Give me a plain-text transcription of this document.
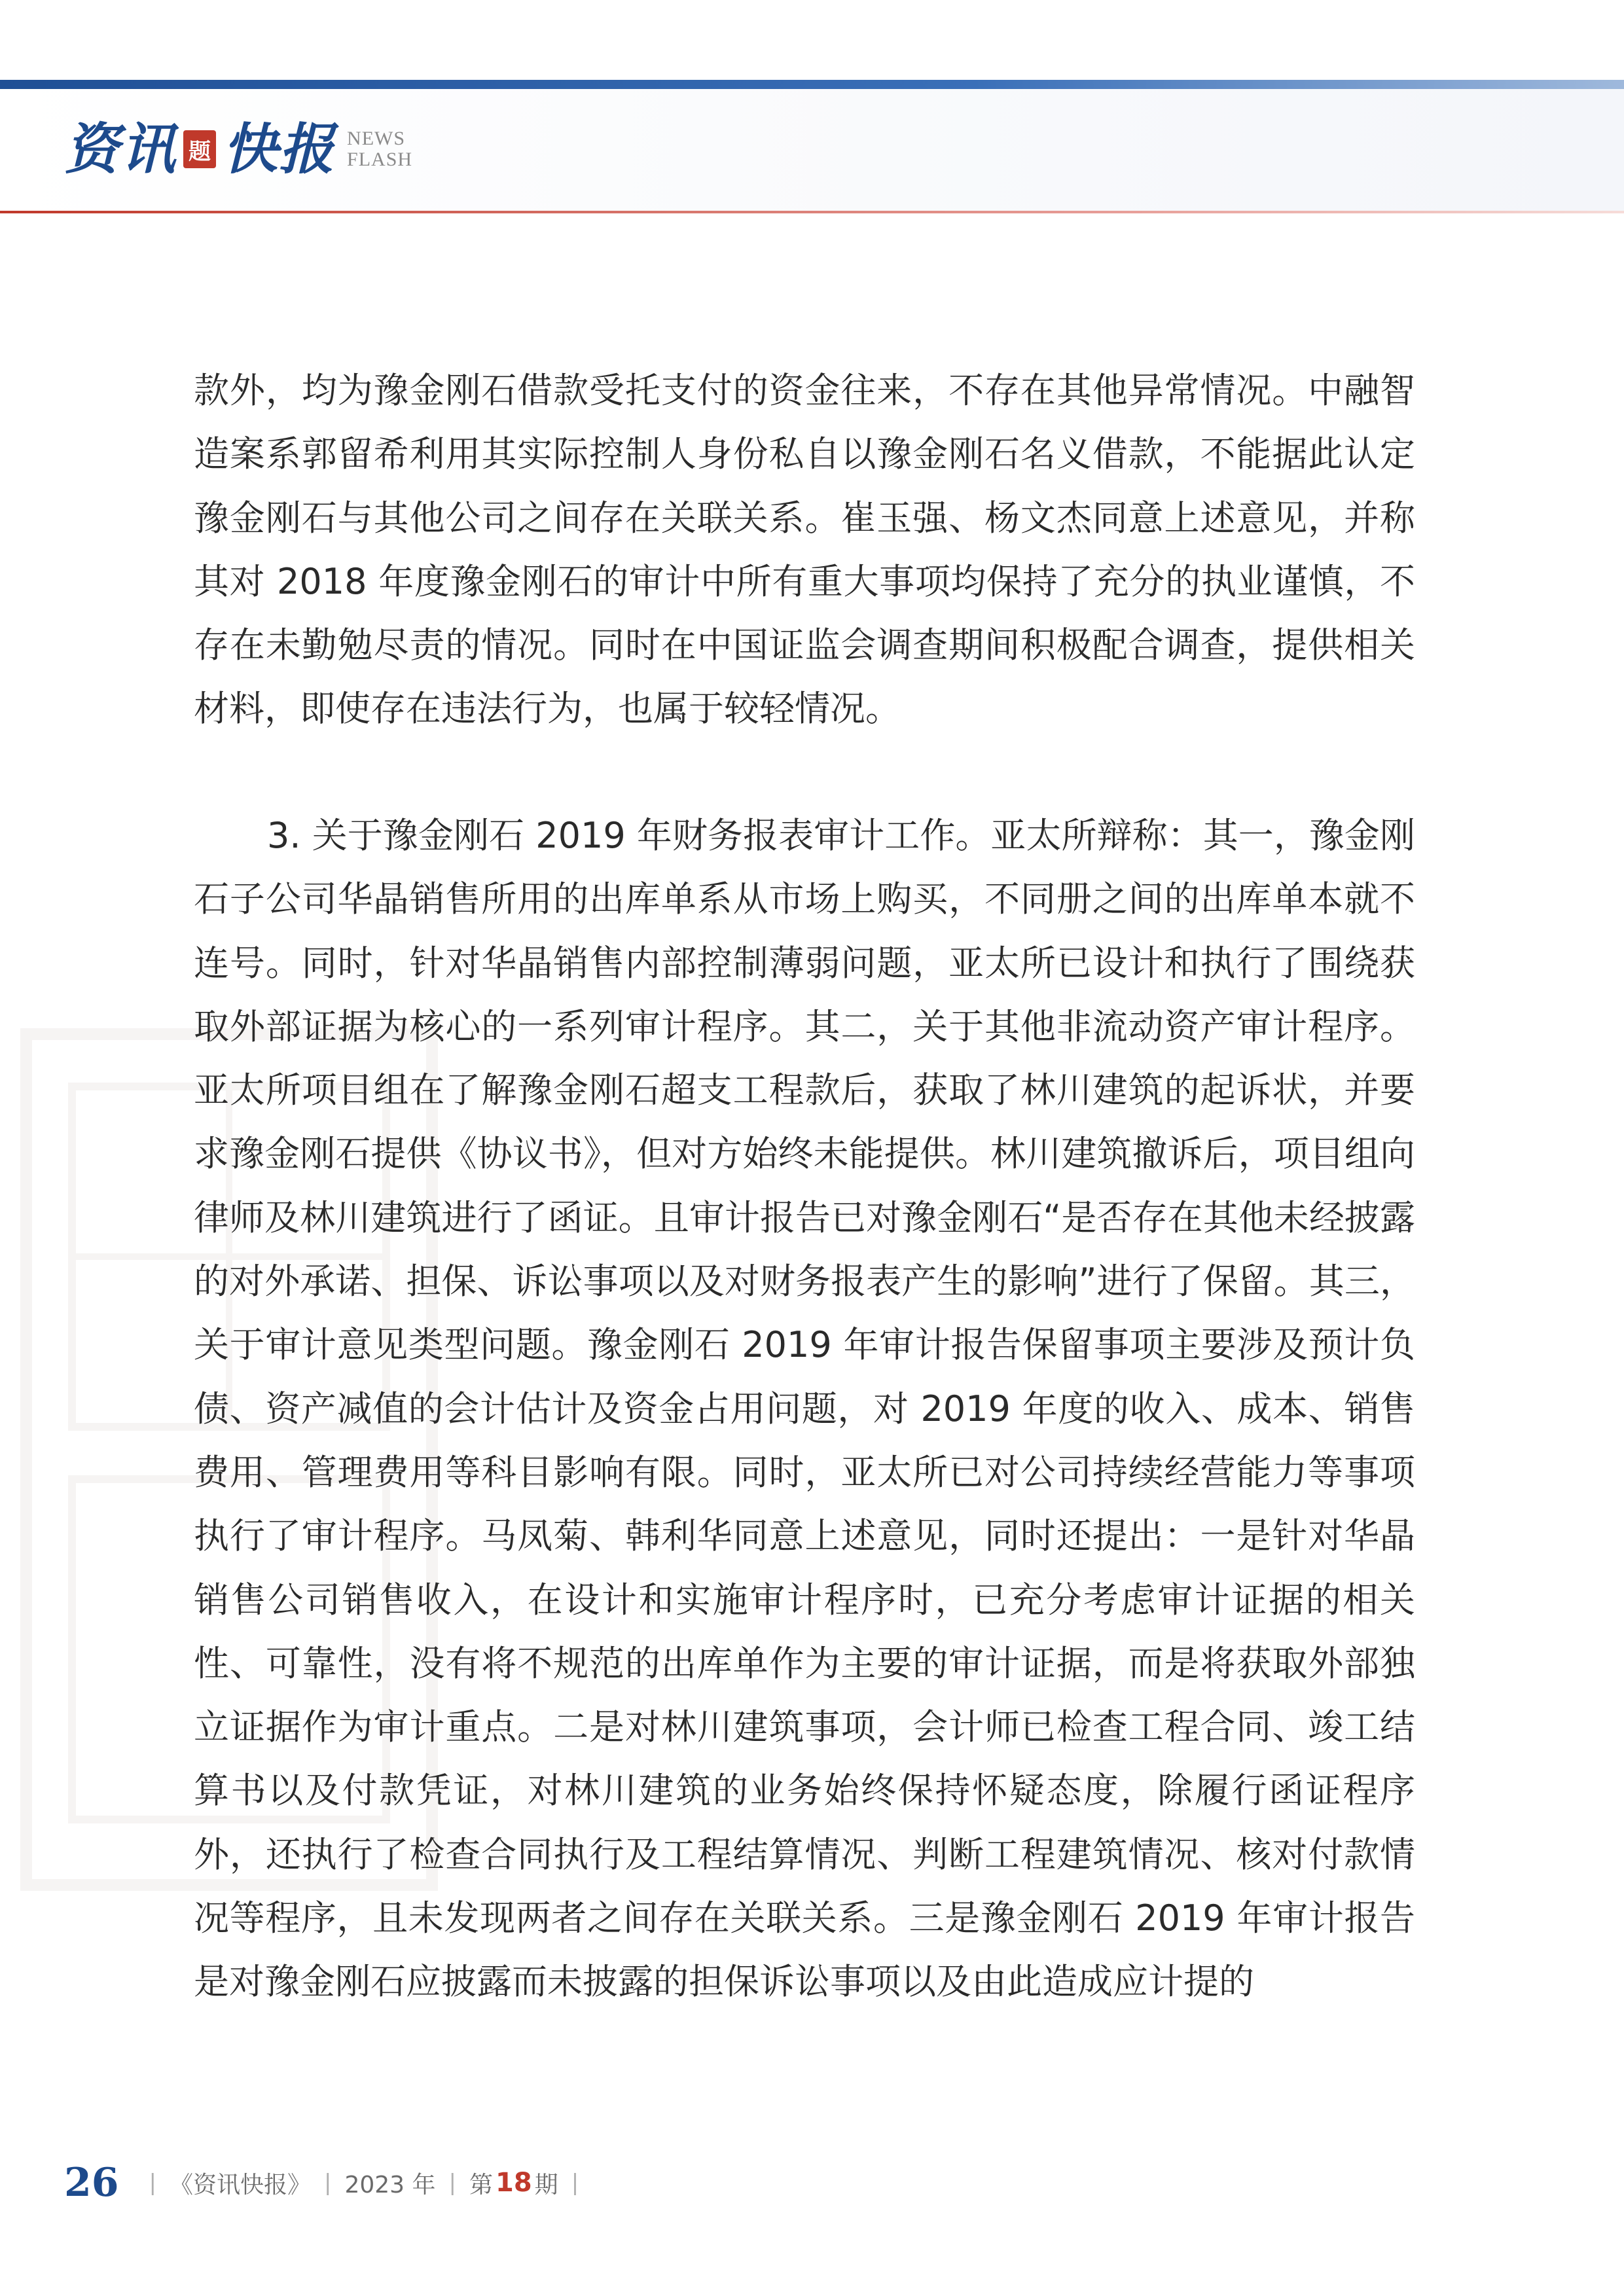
资讯 题 快报 NEWS
FLASH

款外，均为豫金刚石借款受托支付的资金往来，不存在其他异常情况。中融智造案系郭留希利用其实际控制人身份私自以豫金刚石名义借款，不能据此认定豫金刚石与其他公司之间存在关联关系。崔玉强、杨文杰同意上述意见，并称其对 2018 年度豫金刚石的审计中所有重大事项均保持了充分的执业谨慎，不存在未勤勉尽责的情况。同时在中国证监会调查期间积极配合调查，提供相关材料，即使存在违法行为，也属于较轻情况。

3. 关于豫金刚石 2019 年财务报表审计工作。亚太所辩称：其一，豫金刚石子公司华晶销售所用的出库单系从市场上购买，不同册之间的出库单本就不连号。同时，针对华晶销售内部控制薄弱问题，亚太所已设计和执行了围绕获取外部证据为核心的一系列审计程序。其二，关于其他非流动资产审计程序。亚太所项目组在了解豫金刚石超支工程款后，获取了林川建筑的起诉状，并要求豫金刚石提供《协议书》，但对方始终未能提供。林川建筑撤诉后，项目组向律师及林川建筑进行了函证。且审计报告已对豫金刚石“是否存在其他未经披露的对外承诺、担保、诉讼事项以及对财务报表产生的影响”进行了保留。其三，关于审计意见类型问题。豫金刚石 2019 年审计报告保留事项主要涉及预计负债、资产减值的会计估计及资金占用问题，对 2019 年度的收入、成本、销售费用、管理费用等科目影响有限。同时，亚太所已对公司持续经营能力等事项执行了审计程序。马凤菊、韩利华同意上述意见，同时还提出：一是针对华晶销售公司销售收入，在设计和实施审计程序时，已充分考虑审计证据的相关性、可靠性，没有将不规范的出库单作为主要的审计证据，而是将获取外部独立证据作为审计重点。二是对林川建筑事项，会计师已检查工程合同、竣工结算书以及付款凭证，对林川建筑的业务始终保持怀疑态度，除履行函证程序外，还执行了检查合同执行及工程结算情况、判断工程建筑情况、核对付款情况等程序，且未发现两者之间存在关联关系。三是豫金刚石 2019 年审计报告是对豫金刚石应披露而未披露的担保诉讼事项以及由此造成应计提的

26 | 《资讯快报》 | 2023 年 | 第 18 期 |
